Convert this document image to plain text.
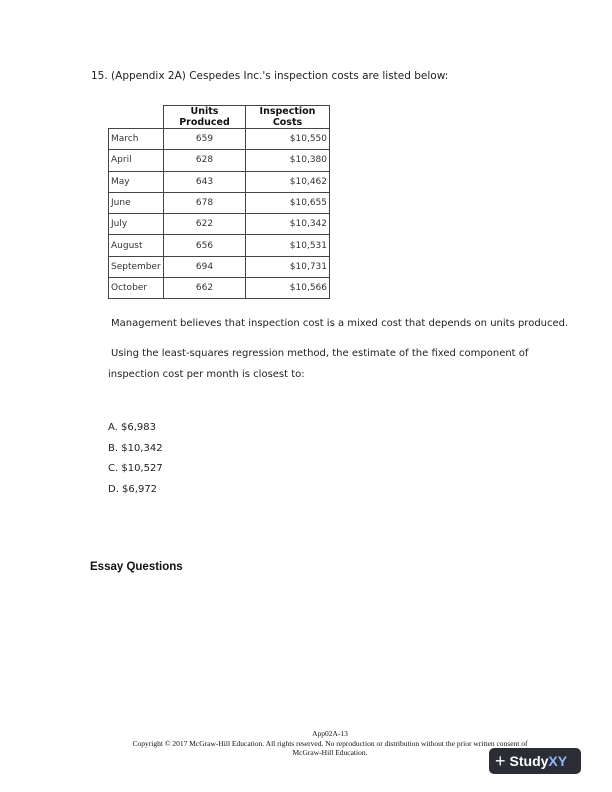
15. (Appendix 2A) Cespedes Inc.'s inspection costs are listed below:
	Units Produced	Inspection Costs
March	659	$10,550
April	628	$10,380
May	643	$10,462
June	678	$10,655
July	622	$10,342
August	656	$10,531
September	694	$10,731
October	662	$10,566
Management believes that inspection cost is a mixed cost that depends on units produced.
Using the least-squares regression method, the estimate of the fixed component of
inspection cost per month is closest to:
A. $6,983
B. $10,342
C. $10,527
D. $6,972
Essay Questions
App02A-13
Copyright © 2017 McGraw-Hill Education. All rights reserved. No reproduction or distribution without the prior written consent of
McGraw-Hill Education.	+ Study XY
